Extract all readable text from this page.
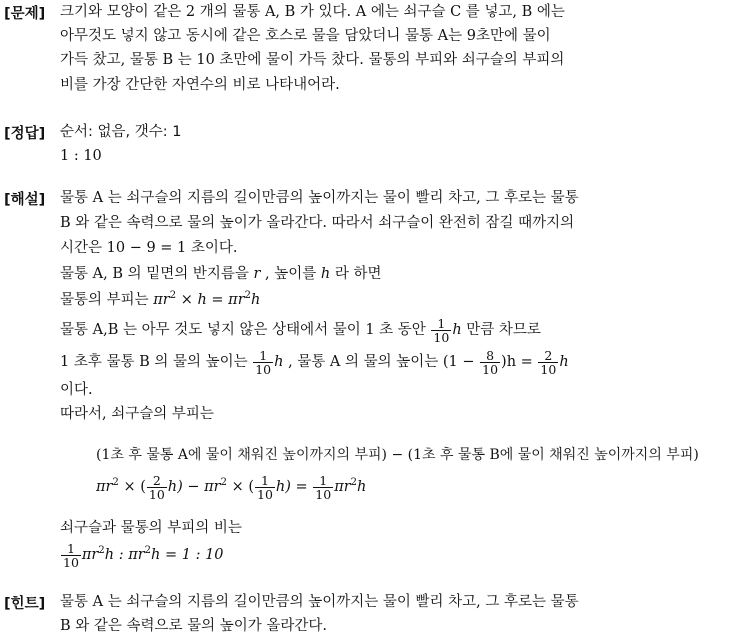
[문제] 크기와 모양이 같은 2 개의 물통 A, B 가 있다. A 에는 쇠구슬 C 를 넣고, B 에는
아무것도 넣지 않고 동시에 같은 호스로 물을 담았더니 물통 A는 9초만에 물이
가득 찼고, 물통 B 는 10 초만에 물이 가득 찼다. 물통의 부피와 쇠구슬의 부피의
비를 가장 간단한 자연수의 비로 나타내어라.
[정답] 순서: 없음, 갯수: 1
1 : 10
[해설] 물통 A 는 쇠구슬의 지름의 길이만큼의 높이까지는 물이 빨리 차고, 그 후로는 물통
B 와 같은 속력으로 물의 높이가 올라간다. 따라서 쇠구슬이 완전히 잠길 때까지의
시간은 10 − 9 = 1 초이다.
물통 A, B 의 밑면의 반지름을 r , 높이를 h 라 하면
물통의 부피는 $\pi r^2 \times h = \pi r^2h$
물통 A,B 는 아무 것도 넣지 않은 상태에서 물이 1 초 동안 $\frac{1}{10}$ h 만큼 차므로
1 초후 물통 B 의 물의 높이는 $\frac{1}{10}$ h , 물통 A 의 물의 높이는 $(1 - \frac{8}{10} )h = \frac{2}{10}$ h
이다.
따라서, 쇠구슬의 부피는
(1초 후 물통 A에 물이 채워진 높이까지의 부피) − (1초 후 물통 B에 물이 채워진 높이까지의 부피)
$\pi r^2$ × ( $\frac{2}{10} h) - \pi r^2$ × ( $\frac{1}{10} h) = \frac{1}{10} \pi r^2h$
쇠구슬과 물통의 부피의 비는
$\frac{1}{10} \pi r^2h$ : $\pi r^2h = 1$ : 10
[힌트] 물통 A 는 쇠구슬의 지름의 길이만큼의 높이까지는 물이 빨리 차고, 그 후로는 물통
B 와 같은 속력으로 물의 높이가 올라간다.
